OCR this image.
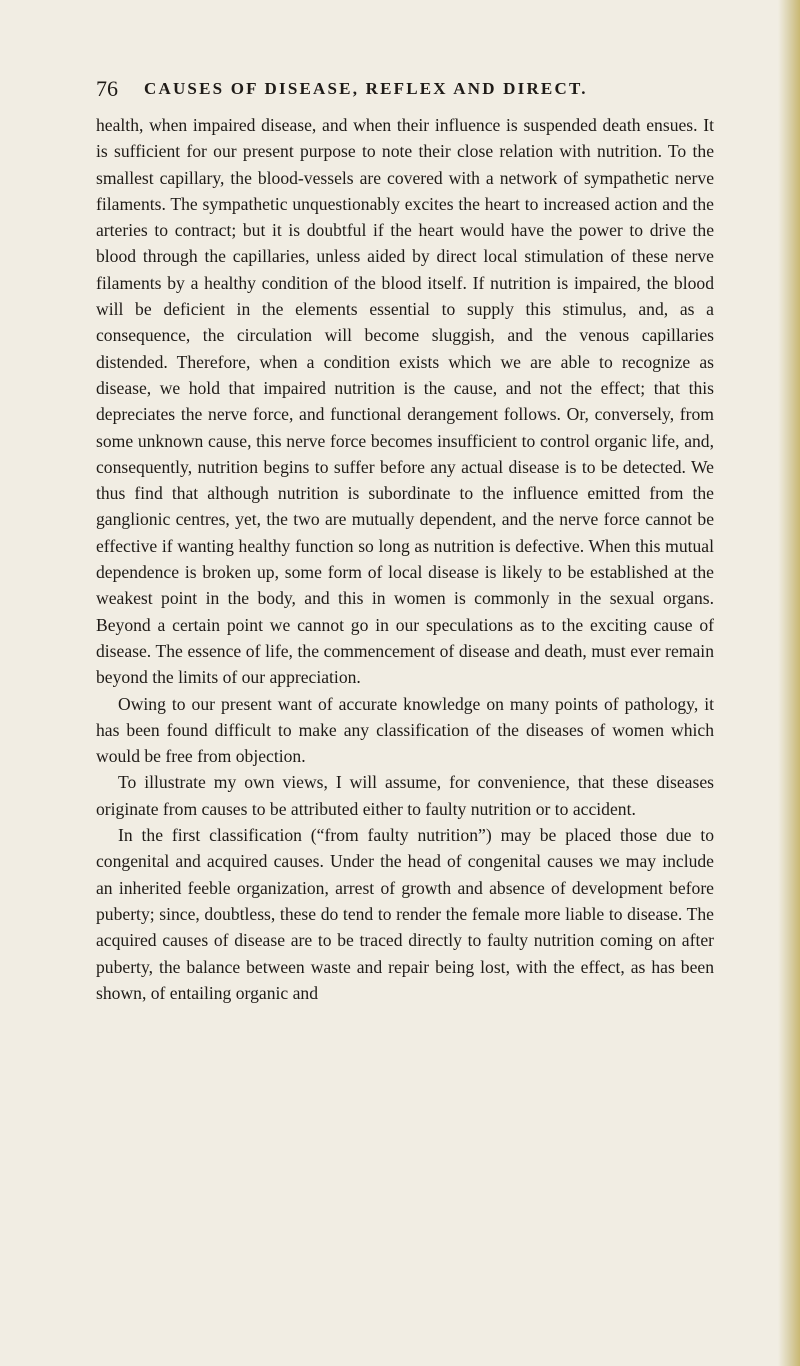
76 CAUSES OF DISEASE, REFLEX AND DIRECT.

health, when impaired disease, and when their influence is suspended death ensues. It is sufficient for our present purpose to note their close relation with nutrition. To the smallest capillary, the blood-vessels are covered with a network of sympathetic nerve filaments. The sympathetic unquestionably excites the heart to increased action and the arteries to contract; but it is doubtful if the heart would have the power to drive the blood through the capillaries, unless aided by direct local stimulation of these nerve filaments by a healthy condition of the blood itself. If nutrition is impaired, the blood will be deficient in the elements essential to supply this stimulus, and, as a consequence, the circulation will become sluggish, and the venous capillaries distended. Therefore, when a condition exists which we are able to recognize as disease, we hold that impaired nutrition is the cause, and not the effect; that this depreciates the nerve force, and functional derangement follows. Or, conversely, from some unknown cause, this nerve force becomes insufficient to control organic life, and, consequently, nutrition begins to suffer before any actual disease is to be detected. We thus find that although nutrition is subordinate to the influence emitted from the ganglionic centres, yet, the two are mutually dependent, and the nerve force cannot be effective if wanting healthy function so long as nutrition is defective. When this mutual dependence is broken up, some form of local disease is likely to be established at the weakest point in the body, and this in women is commonly in the sexual organs. Beyond a certain point we cannot go in our speculations as to the exciting cause of disease. The essence of life, the commencement of disease and death, must ever remain beyond the limits of our appreciation.

Owing to our present want of accurate knowledge on many points of pathology, it has been found difficult to make any classification of the diseases of women which would be free from objection.

To illustrate my own views, I will assume, for convenience, that these diseases originate from causes to be attributed either to faulty nutrition or to accident.

In the first classification (“from faulty nutrition”) may be placed those due to congenital and acquired causes. Under the head of congenital causes we may include an inherited feeble organization, arrest of growth and absence of development before puberty; since, doubtless, these do tend to render the female more liable to disease. The acquired causes of disease are to be traced directly to faulty nutrition coming on after puberty, the balance between waste and repair being lost, with the effect, as has been shown, of entailing organic and
